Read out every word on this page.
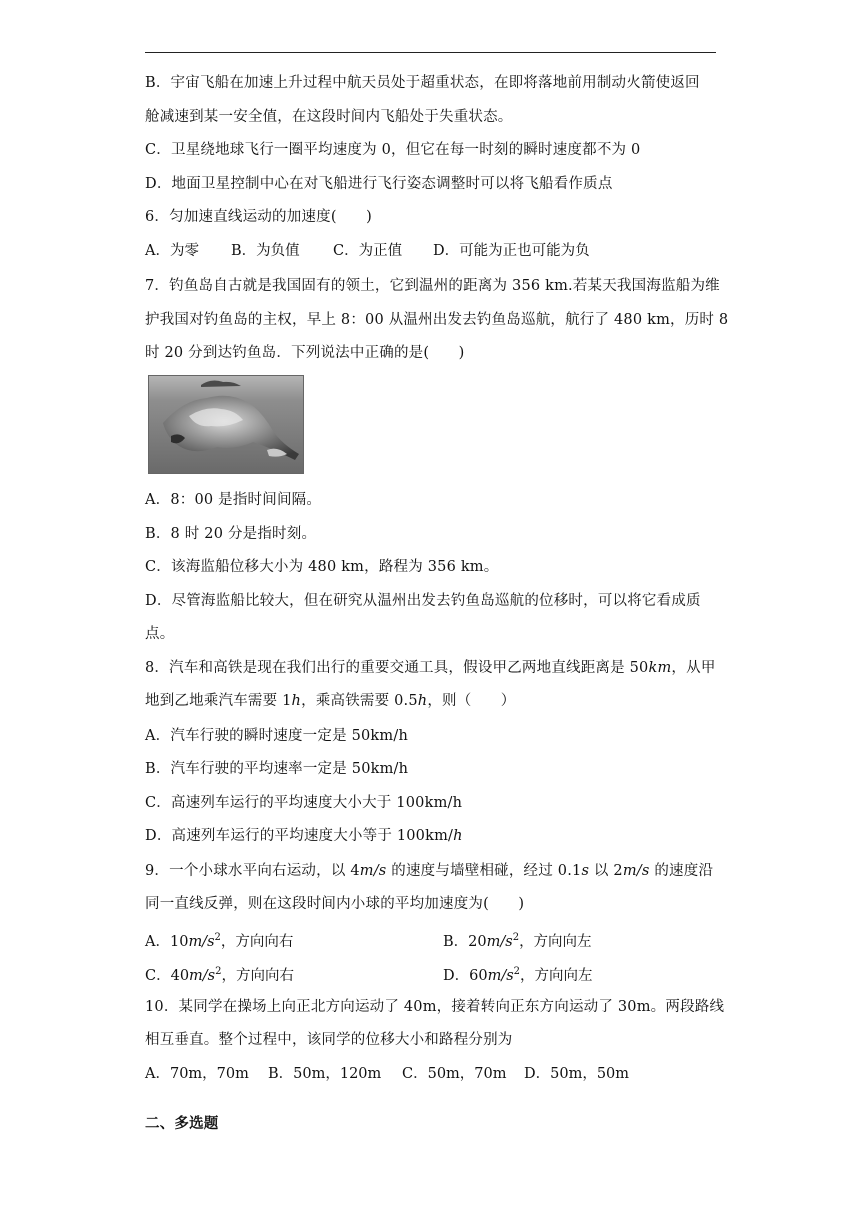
B．宇宙飞船在加速上升过程中航天员处于超重状态，在即将落地前用制动火箭使返回
舱减速到某一安全值，在这段时间内飞船处于失重状态。
C．卫星绕地球飞行一圈平均速度为 0，但它在每一时刻的瞬时速度都不为 0
D．地面卫星控制中心在对飞船进行飞行姿态调整时可以将飞船看作质点
6．匀加速直线运动的加速度(　　)
A．为零 B．为负值 C．为正值 D．可能为正也可能为负
7．钓鱼岛自古就是我国固有的领土，它到温州的距离为 356 km.若某天我国海监船为维
护我国对钓鱼岛的主权，早上 8：00 从温州出发去钓鱼岛巡航，航行了 480 km，历时 8
时 20 分到达钓鱼岛．下列说法中正确的是(　　)
A．8：00 是指时间间隔。
B．8 时 20 分是指时刻。
C．该海监船位移大小为 480 km，路程为 356 km。
D．尽管海监船比较大，但在研究从温州出发去钓鱼岛巡航的位移时，可以将它看成质
点。
8．汽车和高铁是现在我们出行的重要交通工具，假设甲乙两地直线距离是 50km，从甲
地到乙地乘汽车需要 1h，乘高铁需要 0.5h，则（　　）
A．汽车行驶的瞬时速度一定是 50km/h
B．汽车行驶的平均速率一定是 50km/h
C．高速列车运行的平均速度大小大于 100km/h
D．高速列车运行的平均速度大小等于 100km/h
9．一个小球水平向右运动，以 4m/s 的速度与墙壁相碰，经过 0.1s 以 2m/s 的速度沿
同一直线反弹，则在这段时间内小球的平均加速度为(　　)
A．$10m/s^2$，方向向右	B．$20m/s^2$，方向向左
C．$40m/s^2$，方向向右	D．$60m/s^2$，方向向左
10．某同学在操场上向正北方向运动了 40m，接着转向正东方向运动了 30m。两段路线
相互垂直。整个过程中，该同学的位移大小和路程分别为
A．70m，70m B．50m，120m C．50m，70m D．50m，50m
二、多选题
